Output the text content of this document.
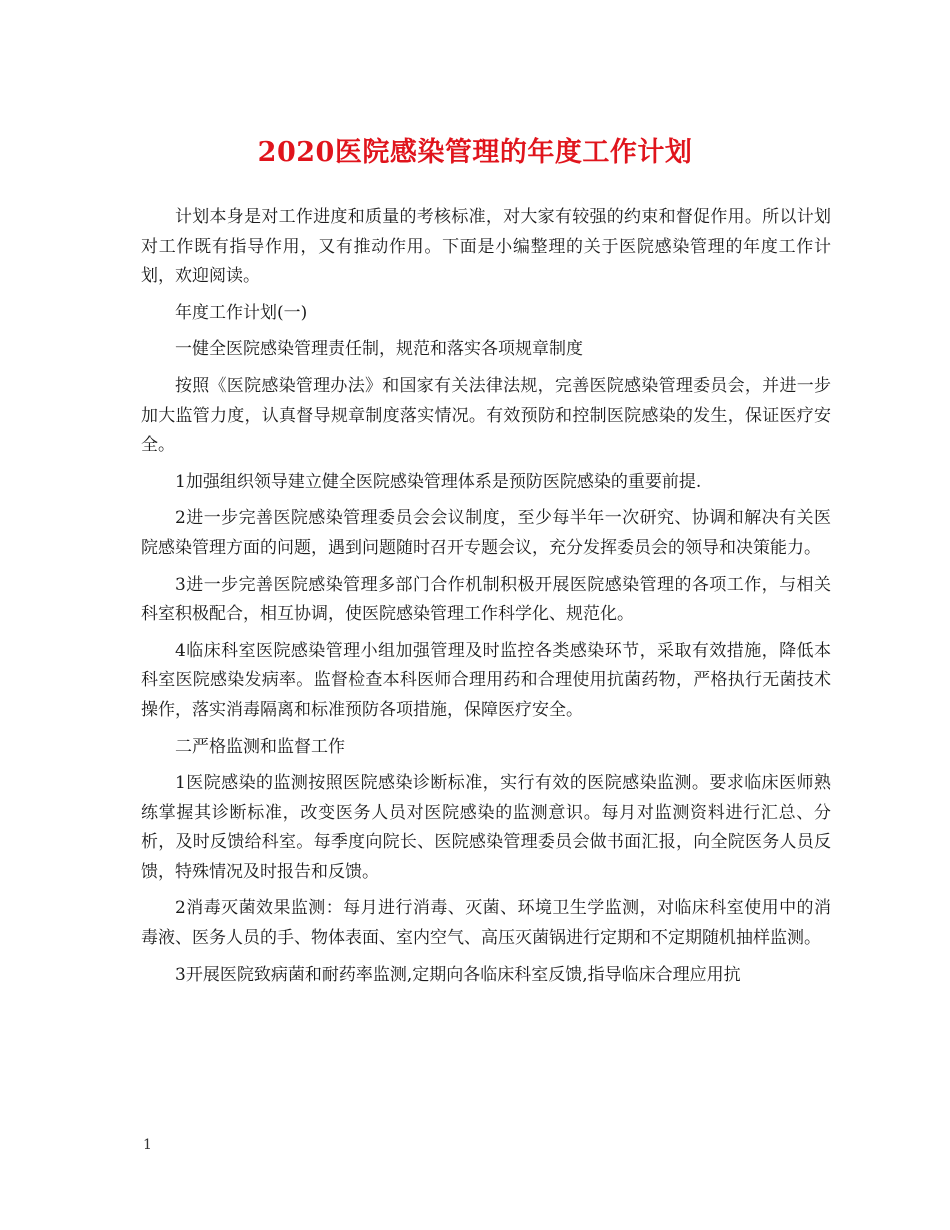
2020医院感染管理的年度工作计划

计划本身是对工作进度和质量的考核标准，对大家有较强的约束和督促作用。所以计划对工作既有指导作用，又有推动作用。下面是小编整理的关于医院感染管理的年度工作计划，欢迎阅读。

年度工作计划(一)

一健全医院感染管理责任制，规范和落实各项规章制度

按照《医院感染管理办法》和国家有关法律法规，完善医院感染管理委员会，并进一步加大监管力度，认真督导规章制度落实情况。有效预防和控制医院感染的发生，保证医疗安全。

1加强组织领导建立健全医院感染管理体系是预防医院感染的重要前提.

2进一步完善医院感染管理委员会会议制度，至少每半年一次研究、协调和解决有关医院感染管理方面的问题，遇到问题随时召开专题会议，充分发挥委员会的领导和决策能力。

3进一步完善医院感染管理多部门合作机制积极开展医院感染管理的各项工作，与相关科室积极配合，相互协调，使医院感染管理工作科学化、规范化。

4临床科室医院感染管理小组加强管理及时监控各类感染环节，采取有效措施，降低本科室医院感染发病率。监督检查本科医师合理用药和合理使用抗菌药物，严格执行无菌技术操作，落实消毒隔离和标准预防各项措施，保障医疗安全。

二严格监测和监督工作

1医院感染的监测按照医院感染诊断标准，实行有效的医院感染监测。要求临床医师熟练掌握其诊断标准，改变医务人员对医院感染的监测意识。每月对监测资料进行汇总、分析，及时反馈给科室。每季度向院长、医院感染管理委员会做书面汇报，向全院医务人员反馈，特殊情况及时报告和反馈。

2消毒灭菌效果监测：每月进行消毒、灭菌、环境卫生学监测，对临床科室使用中的消毒液、医务人员的手、物体表面、室内空气、高压灭菌锅进行定期和不定期随机抽样监测。

3开展医院致病菌和耐药率监测,定期向各临床科室反馈,指导临床合理应用抗

1
